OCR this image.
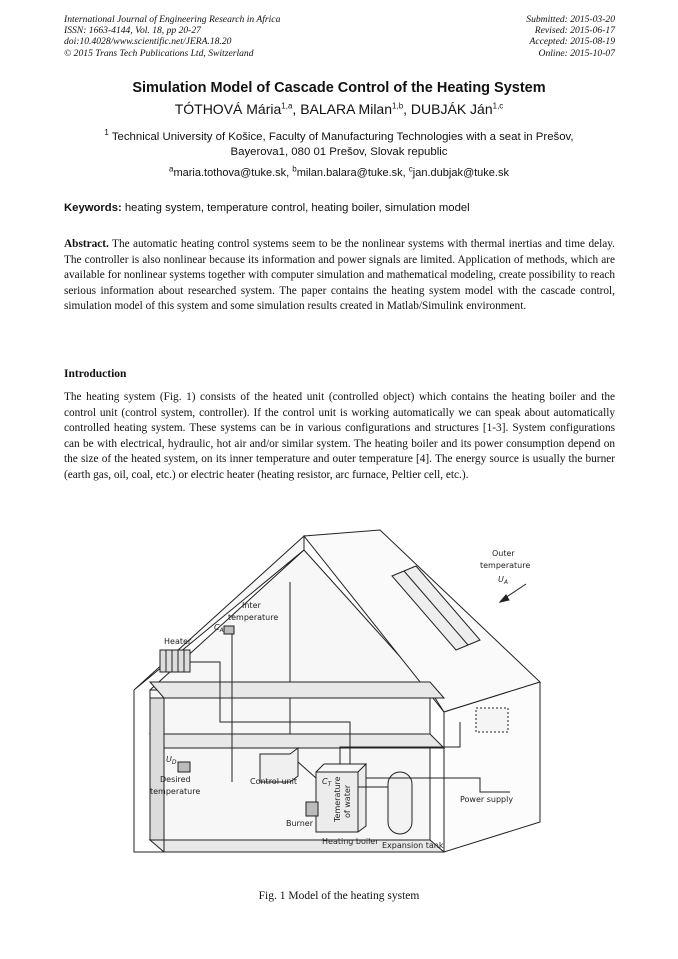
International Journal of Engineering Research in Africa
ISSN: 1663-4144, Vol. 18, pp 20-27
doi:10.4028/www.scientific.net/JERA.18.20
© 2015 Trans Tech Publications Ltd, Switzerland
Submitted: 2015-03-20
Revised: 2015-06-17
Accepted: 2015-08-19
Online: 2015-10-07
Simulation Model of Cascade Control of the Heating System
TÓTHOVÁ Mária$^{1,a}$, BALARA Milan$^{1,b}$, DUBJÁK Ján$^{1,c}$
$^1$ Technical University of Košice, Faculty of Manufacturing Technologies with a seat in Prešov,
Bayerova1, 080 01 Prešov, Slovak republic
$^a$maria.tothova@tuke.sk, $^b$milan.balara@tuke.sk, $^c$jan.dubjak@tuke.sk
Keywords: heating system, temperature control, heating boiler, simulation model
Abstract. The automatic heating control systems seem to be the nonlinear systems with thermal inertias and time delay. The controller is also nonlinear because its information and power signals are limited. Application of methods, which are available for nonlinear systems together with computer simulation and mathematical modeling, create possibility to reach serious information about researched system. The paper contains the heating system model with the cascade control, simulation model of this system and some simulation results created in Matlab/Simulink environment.
Introduction
The heating system (Fig. 1) consists of the heated unit (controlled object) which contains the heating boiler and the control unit (control system, controller). If the control unit is working automatically we can speak about automatically controlled heating system. These systems can be in various configurations and structures [1-3]. System configurations can be with electrical, hydraulic, hot air and/or similar system. The heating boiler and its power consumption depend on the size of the heated system, on its inner temperature and outer temperature [4]. The energy source is usually the burner (earth gas, oil, coal, etc.) or electric heater (heating resistor, arc furnace, Peltier cell, etc.).
Outer
temperature
$U_A$
Inter
temperature
$C_A$
Heater
$U_D$
Desired
temperature
Control unit	$C_T$ Temerature of water
Burner
Heating boiler Expansion tank
Power supply
Fig. 1 Model of the heating system
